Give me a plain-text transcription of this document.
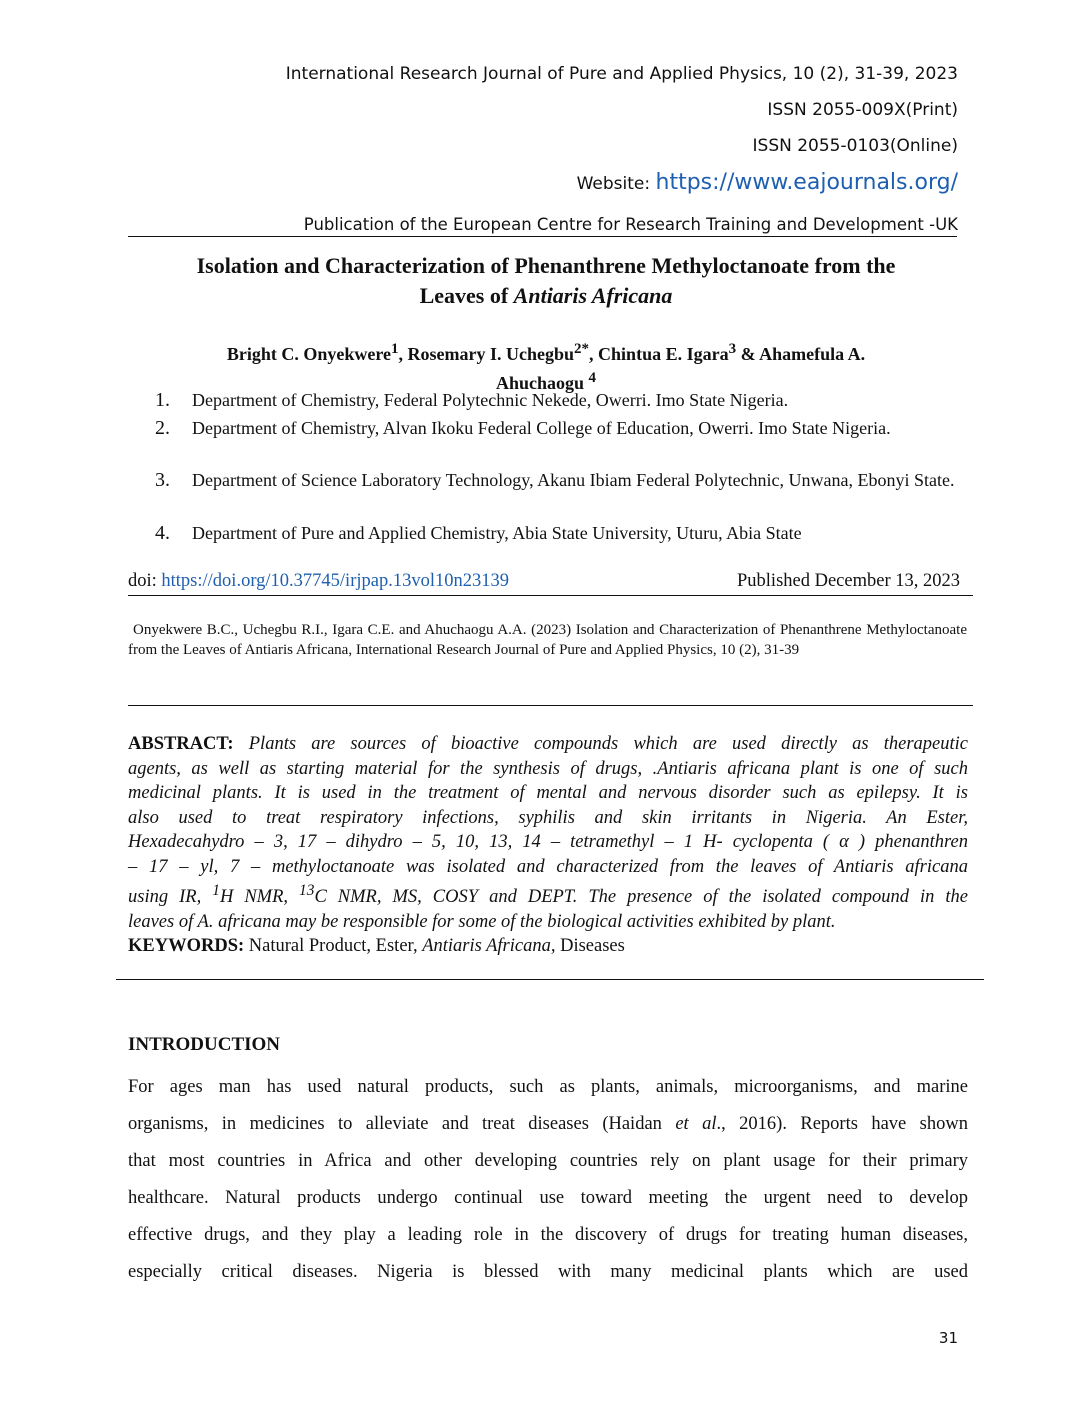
International Research Journal of Pure and Applied Physics, 10 (2), 31-39, 2023
ISSN 2055-009X(Print)
ISSN 2055-0103(Online)
Website: https://www.eajournals.org/
Publication of the European Centre for Research Training and Development -UK
Isolation and Characterization of Phenanthrene Methyloctanoate from the
Leaves of Antiaris Africana
Bright C. Onyekwere$^1$, Rosemary I. Uchegbu$^{2*}$, Chintua E. Igara$^3$ & Ahamefula A.
Ahuchaogu $^4$
1. Department of Chemistry, Federal Polytechnic Nekede, Owerri. Imo State Nigeria.
2. Department of Chemistry, Alvan Ikoku Federal College of Education, Owerri. Imo State Nigeria.
3. Department of Science Laboratory Technology, Akanu Ibiam Federal Polytechnic, Unwana, Ebonyi State.
4. Department of Pure and Applied Chemistry, Abia State University, Uturu, Abia State
doi: https://doi.org/10.37745/irjpap.13vol10n23139	Published December 13, 2023
Onyekwere B.C., Uchegbu R.I., Igara C.E. and Ahuchaogu A.A. (2023) Isolation and Characterization of Phenanthrene Methyloctanoate from the Leaves of Antiaris Africana, International Research Journal of Pure and Applied Physics, 10 (2), 31-39
ABSTRACT: Plants are sources of bioactive compounds which are used directly as therapeutic
agents, as well as starting material for the synthesis of drugs, .Antiaris africana plant is one of such
medicinal plants. It is used in the treatment of mental and nervous disorder such as epilepsy. It is
also used to treat respiratory infections, syphilis and skin irritants in Nigeria. An Ester,
Hexadecahydro – 3, 17 – dihydro – 5, 10, 13, 14 – tetramethyl – 1 H- cyclopenta ( α ) phenanthren
– 17 – yl, 7 – methyloctanoate was isolated and characterized from the leaves of Antiaris africana
using IR, $^1$H NMR, $^{13}$C NMR, MS, COSY and DEPT. The presence of the isolated compound in the
leaves of A. africana may be responsible for some of the biological activities exhibited by plant.
KEYWORDS: Natural Product, Ester, Antiaris Africana, Diseases
INTRODUCTION
For ages man has used natural products, such as plants, animals, microorganisms, and marine
organisms, in medicines to alleviate and treat diseases (Haidan et al., 2016). Reports have shown
that most countries in Africa and other developing countries rely on plant usage for their primary
healthcare. Natural products undergo continual use toward meeting the urgent need to develop
effective drugs, and they play a leading role in the discovery of drugs for treating human diseases,
especially critical diseases. Nigeria is blessed with many medicinal plants which are used
31
